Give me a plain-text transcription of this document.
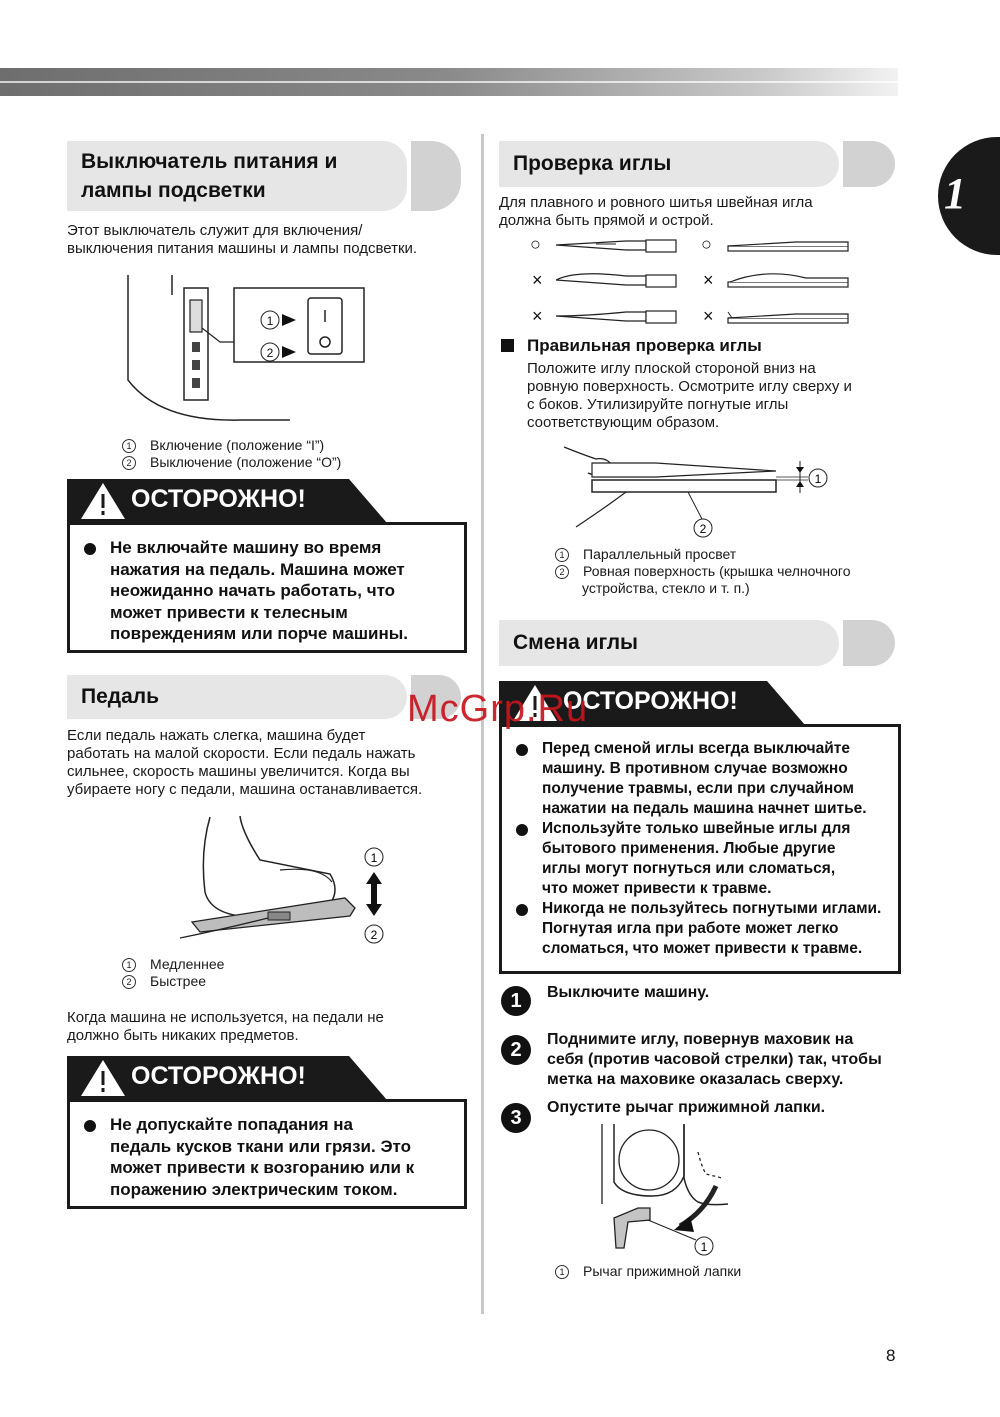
1
Выключатель питания и
лампы подсветки
Этот выключатель служит для включения/
выключения питания машины и лампы подсветки.
1
2
1 Включение (положение “I”)
2 Выключение (положение “O”)
ОСТОРОЖНО!
Не включайте машину во время
нажатия на педаль. Машина может
неожиданно начать работать, что
может привести к телесным
повреждениям или порче машины.
Педаль
Если педаль нажать слегка, машина будет
работать на малой скорости. Если педаль нажать
сильнее, скорость машины увеличится. Когда вы
убираете ногу с педали, машина останавливается.
1
2
1 Медленнее
2 Быстрее
Когда машина не используется, на педали не
должно быть никаких предметов.
ОСТОРОЖНО!
Не допускайте попадания на
педаль кусков ткани или грязи. Это
может привести к возгоранию или к
поражению электрическим током.
Проверка иглы
Для плавного и ровного шитья швейная игла
должна быть прямой и острой.
○	○
×	×
×	×
Правильная проверка иглы
Положите иглу плоской стороной вниз на
ровную поверхность. Осмотрите иглу сверху и
с боков. Утилизируйте погнутые иглы
соответствующим образом.
1
2
1 Параллельный просвет
2 Ровная поверхность (крышка челночного
устройства, стекло и т. п.)
Смена иглы
ОСТОРОЖНО!
Перед сменой иглы всегда выключайте
машину. В противном случае возможно
получение травмы, если при случайном
нажатии на педаль машина начнет шитье.
Используйте только швейные иглы для
бытового применения. Любые другие
иглы могут погнуться или сломаться,
что может привести к травме.
Никогда не пользуйтесь погнутыми иглами.
Погнутая игла при работе может легко
сломаться, что может привести к травме.
1	Выключите машину.
2	Поднимите иглу, повернув маховик на
себя (против часовой стрелки) так, чтобы
метка на маховике оказалась сверху.
3	Опустите рычаг прижимной лапки.
1
1 Рычаг прижимной лапки
8
McGrp.Ru
